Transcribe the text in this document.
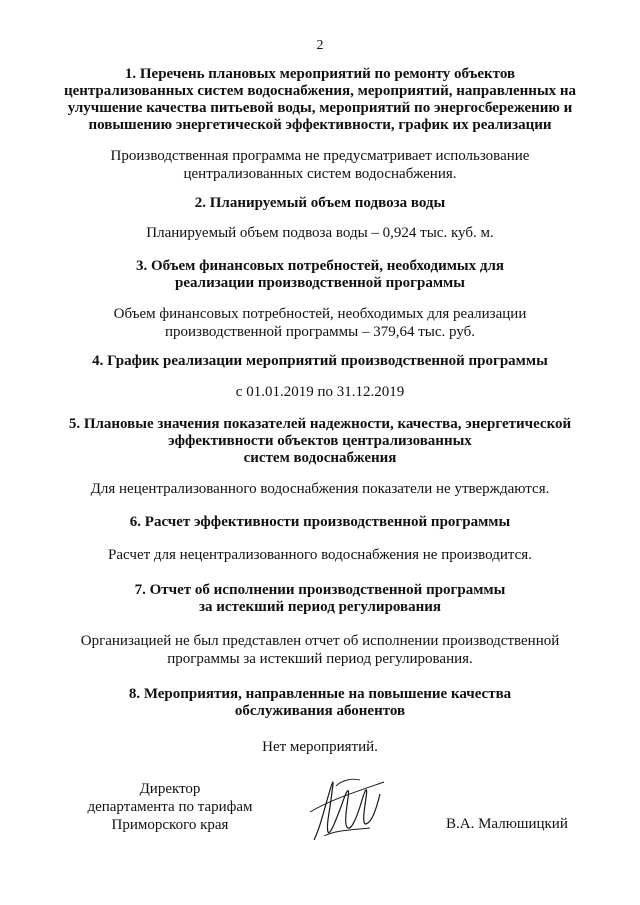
2
1. Перечень плановых мероприятий по ремонту объектов
централизованных систем водоснабжения, мероприятий, направленных на
улучшение качества питьевой воды, мероприятий по энергосбережению и
повышению энергетической эффективности, график их реализации
Производственная программа не предусматривает использование
централизованных систем водоснабжения.
2. Планируемый объем подвоза воды
Планируемый объем подвоза воды – 0,924 тыс. куб. м.
3. Объем финансовых потребностей, необходимых для
реализации производственной программы
Объем финансовых потребностей, необходимых для реализации
производственной программы – 379,64 тыс. руб.
4. График реализации мероприятий производственной программы
с 01.01.2019 по 31.12.2019
5. Плановые значения показателей надежности, качества, энергетической
эффективности объектов централизованных
систем водоснабжения
Для нецентрализованного водоснабжения показатели не утверждаются.
6. Расчет эффективности производственной программы
Расчет для нецентрализованного водоснабжения не производится.
7. Отчет об исполнении производственной программы
за истекший период регулирования
Организацией не был представлен отчет об исполнении производственной
программы за истекший период регулирования.
8. Мероприятия, направленные на повышение качества
обслуживания абонентов
Нет мероприятий.
Директор
департамента по тарифам
Приморского края	В.А. Малюшицкий
